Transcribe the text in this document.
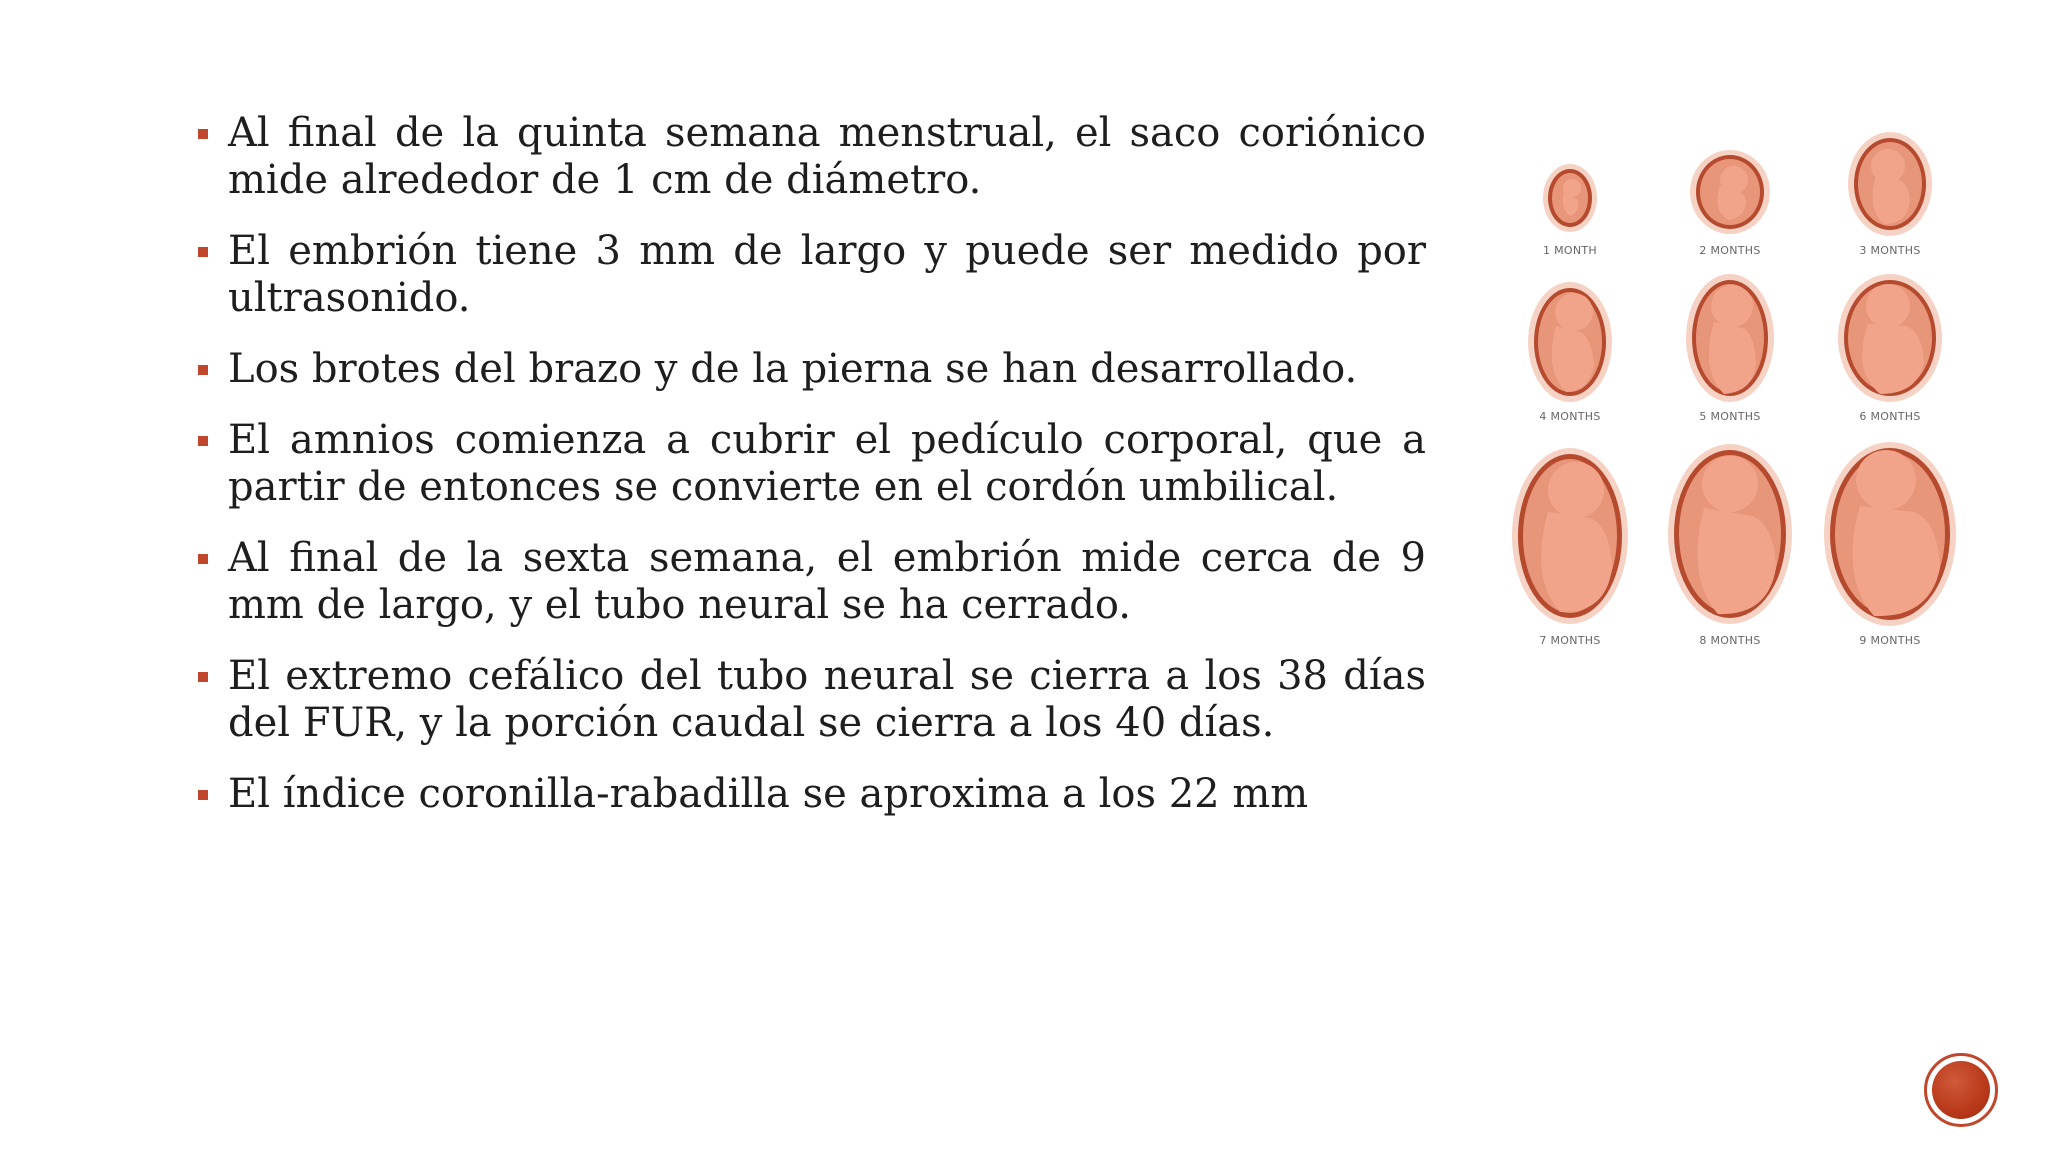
Al final de la quinta semana menstrual, el saco coriónico mide alrededor de 1 cm de diámetro.
El embrión tiene 3 mm de largo y puede ser medido por ultrasonido.
Los brotes del brazo y de la pierna se han desarrollado.
El amnios comienza a cubrir el pedículo corporal, que a partir de entonces se convierte en el cordón umbilical.
Al final de la sexta semana, el embrión mide cerca de 9 mm de largo, y el tubo neural se ha cerrado.
El extremo cefálico del tubo neural se cierra a los 38 días del FUR, y la porción caudal se cierra a los 40 días.
El índice coronilla-rabadilla se aproxima a los 22 mm
1 MONTH	2 MONTHS	3 MONTHS
4 MONTHS	5 MONTHS	6 MONTHS
7 MONTHS	8 MONTHS	9 MONTHS
